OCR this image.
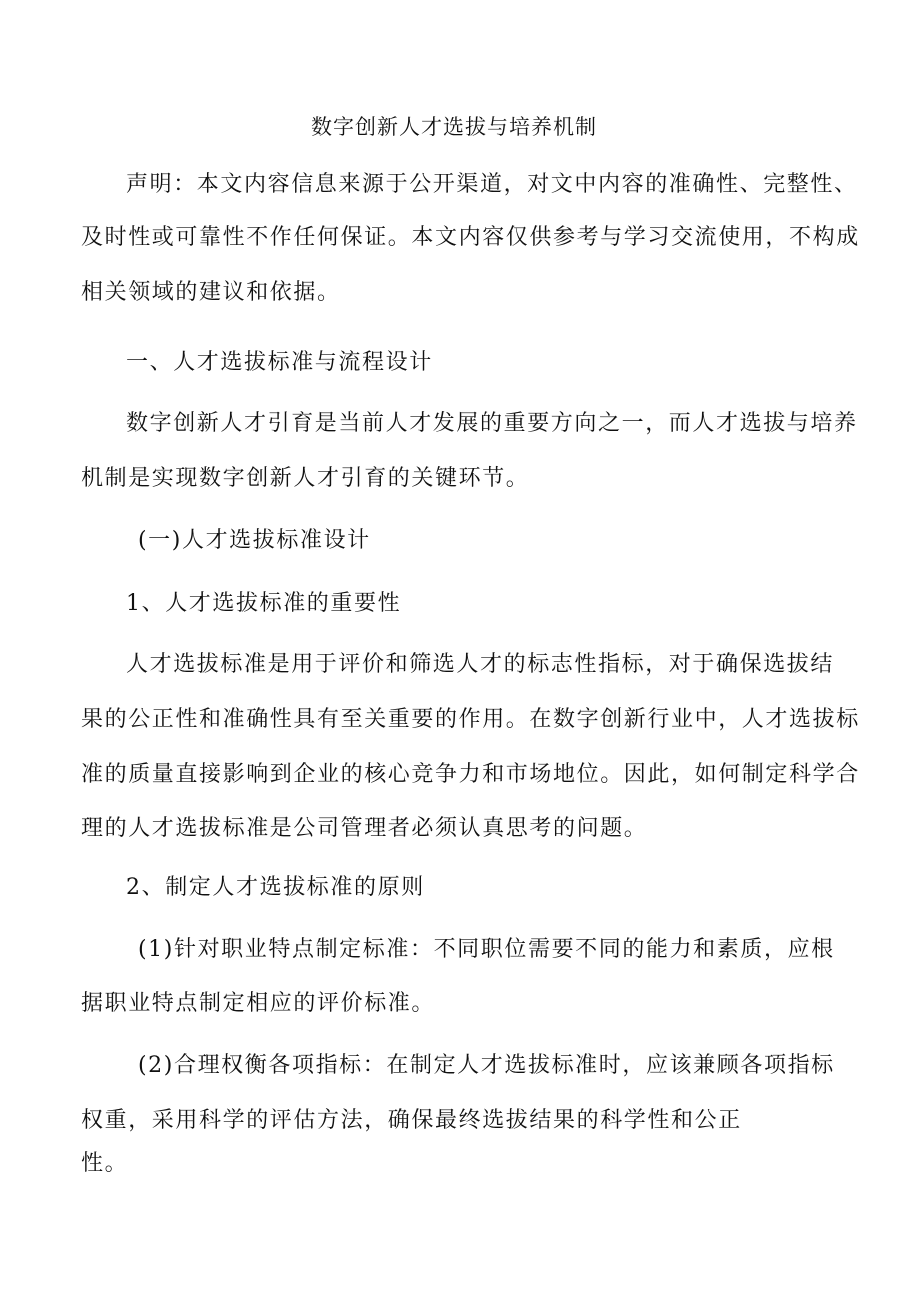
数字创新人才选拔与培养机制
声明：本文内容信息来源于公开渠道，对文中内容的准确性、完整性、
及时性或可靠性不作任何保证。本文内容仅供参考与学习交流使用，不构成
相关领域的建议和依据。
一、人才选拔标准与流程设计
数字创新人才引育是当前人才发展的重要方向之一，而人才选拔与培养
机制是实现数字创新人才引育的关键环节。
(一)人才选拔标准设计
1、人才选拔标准的重要性
人才选拔标准是用于评价和筛选人才的标志性指标，对于确保选拔结
果的公正性和准确性具有至关重要的作用。在数字创新行业中，人才选拔标
准的质量直接影响到企业的核心竞争力和市场地位。因此，如何制定科学合
理的人才选拔标准是公司管理者必须认真思考的问题。
2、制定人才选拔标准的原则
(1)针对职业特点制定标准：不同职位需要不同的能力和素质，应根
据职业特点制定相应的评价标准。
(2)合理权衡各项指标：在制定人才选拔标准时，应该兼顾各项指标
权重，采用科学的评估方法，确保最终选拔结果的科学性和公正
性。
